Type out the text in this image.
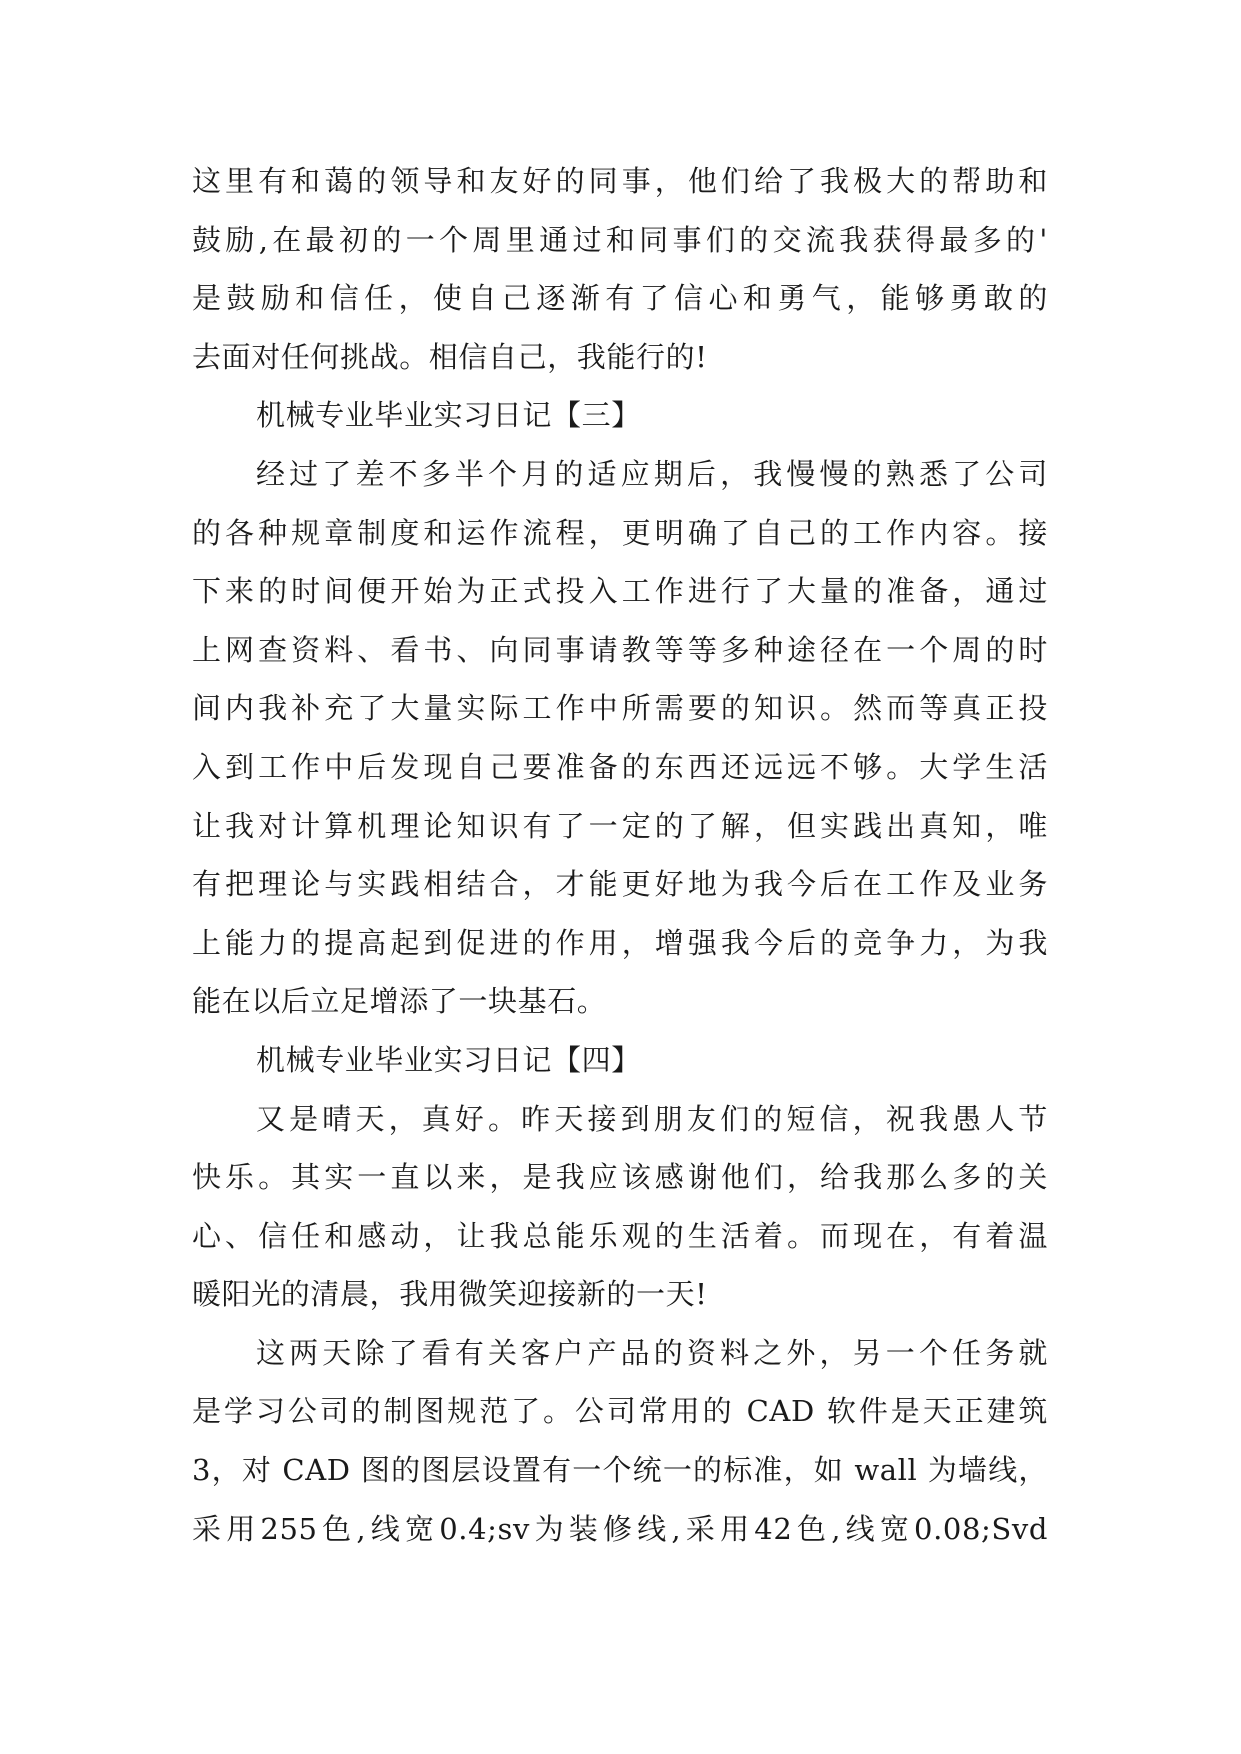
这里有和蔼的领导和友好的同事，他们给了我极大的帮助和
鼓励,在最初的一个周里通过和同事们的交流我获得最多的'
是鼓励和信任，使自己逐渐有了信心和勇气，能够勇敢的
去面对任何挑战。相信自己，我能行的!
机械专业毕业实习日记【三】
经过了差不多半个月的适应期后，我慢慢的熟悉了公司
的各种规章制度和运作流程，更明确了自己的工作内容。接
下来的时间便开始为正式投入工作进行了大量的准备，通过
上网查资料、看书、向同事请教等等多种途径在一个周的时
间内我补充了大量实际工作中所需要的知识。然而等真正投
入到工作中后发现自己要准备的东西还远远不够。大学生活
让我对计算机理论知识有了一定的了解，但实践出真知，唯
有把理论与实践相结合，才能更好地为我今后在工作及业务
上能力的提高起到促进的作用，增强我今后的竞争力，为我
能在以后立足增添了一块基石。
机械专业毕业实习日记【四】
又是晴天，真好。昨天接到朋友们的短信，祝我愚人节
快乐。其实一直以来，是我应该感谢他们，给我那么多的关
心、信任和感动，让我总能乐观的生活着。而现在，有着温
暖阳光的清晨，我用微笑迎接新的一天!
这两天除了看有关客户产品的资料之外，另一个任务就
是学习公司的制图规范了。公司常用的 CAD 软件是天正建筑
3，对 CAD 图的图层设置有一个统一的标准，如 wall 为墙线，
采用255色,线宽0.4;sv为装修线,采用42色,线宽0.08;Svd
